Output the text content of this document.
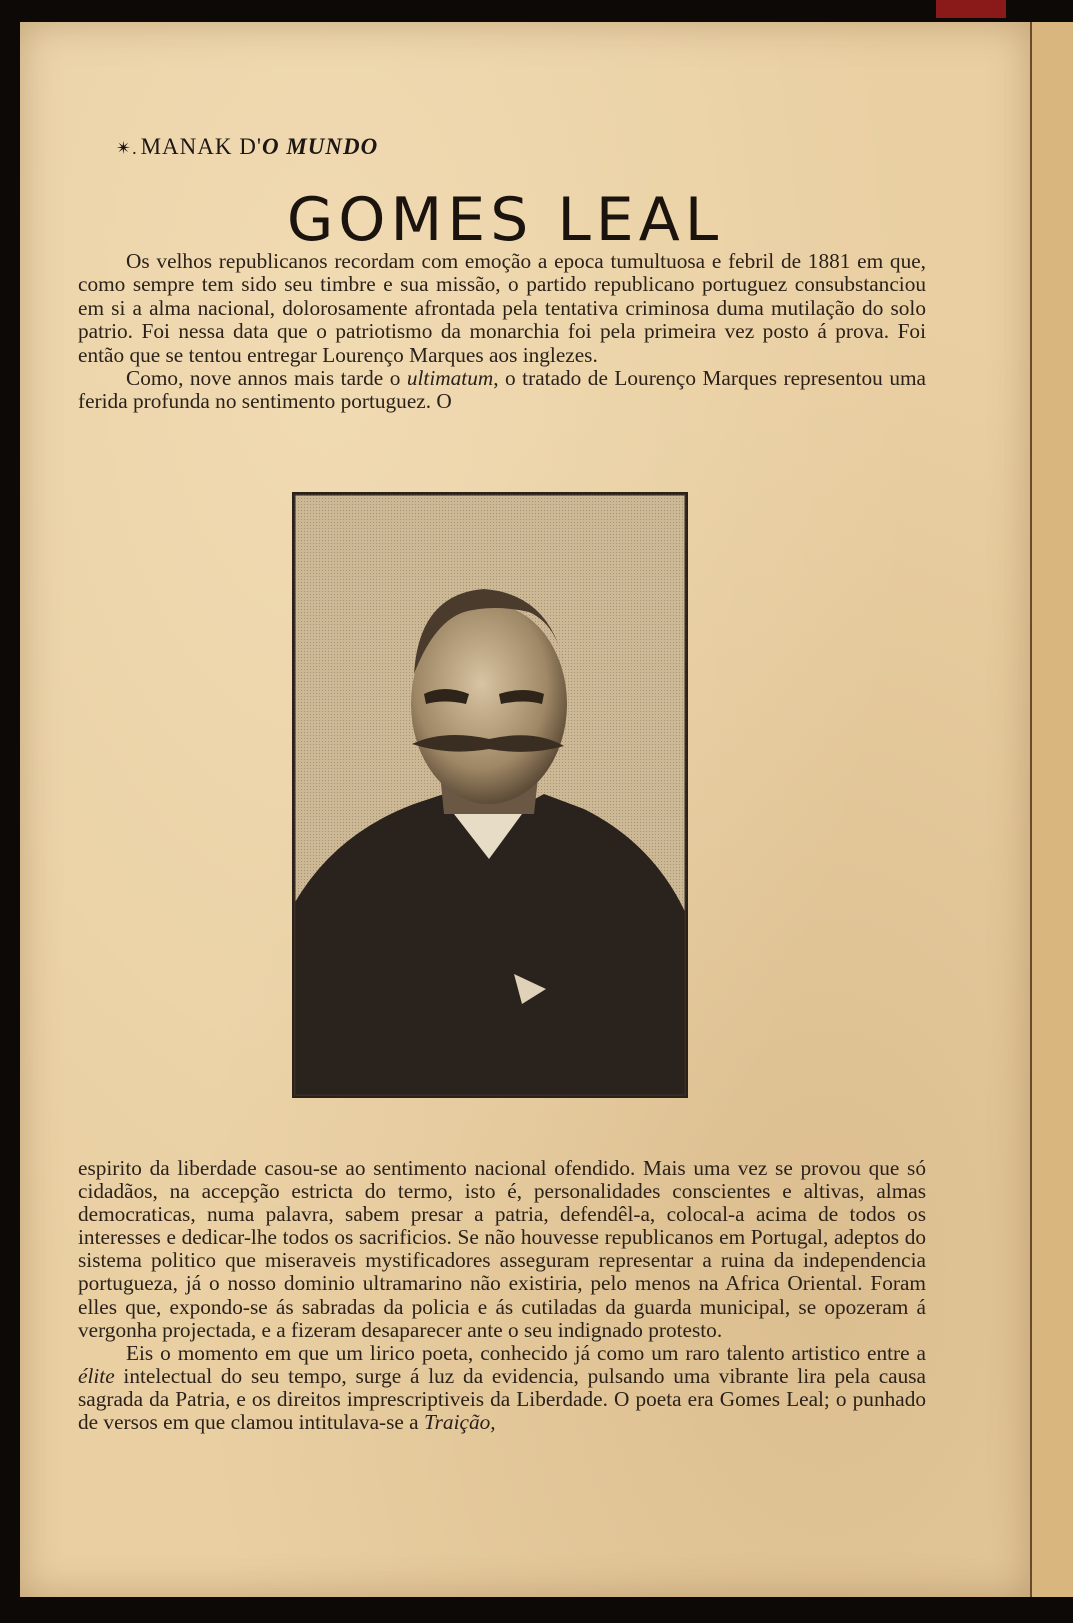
✴. MANAK D'O MUNDO
GOMES LEAL

Os velhos republicanos recordam com emoção a epoca tumultuosa e febril de 1881 em que, como sempre tem sido seu timbre e sua missão, o partido republicano portuguez consubstanciou em si a alma nacional, dolorosamente afrontada pela tentativa criminosa duma mutilação do solo patrio. Foi nessa data que o patriotismo da monarchia foi pela primeira vez posto á prova. Foi então que se tentou entregar Lourenço Marques aos inglezes.

Como, nove annos mais tarde o ultimatum, o tratado de Lourenço Marques representou uma ferida profunda no sentimento portuguez. O

espirito da liberdade casou-se ao sentimento nacional ofendido. Mais uma vez se provou que só cidadãos, na accepção estricta do termo, isto é, personalidades conscientes e altivas, almas democraticas, numa palavra, sabem presar a patria, defendêl-a, colocal-a acima de todos os interesses e dedicar-lhe todos os sacrificios. Se não houvesse republicanos em Portugal, adeptos do sistema politico que miseraveis mystificadores asseguram representar a ruina da independencia portugueza, já o nosso dominio ultramarino não existiria, pelo menos na Africa Oriental. Foram elles que, expondo-se ás sabradas da policia e ás cutiladas da guarda municipal, se opozeram á vergonha projectada, e a fizeram desaparecer ante o seu indignado protesto.

Eis o momento em que um lirico poeta, conhecido já como um raro talento artistico entre a élite intelectual do seu tempo, surge á luz da evidencia, pulsando uma vibrante lira pela causa sagrada da Patria, e os direitos imprescriptiveis da Liberdade. O poeta era Gomes Leal; o punhado de versos em que clamou intitulava-se a Traição,
